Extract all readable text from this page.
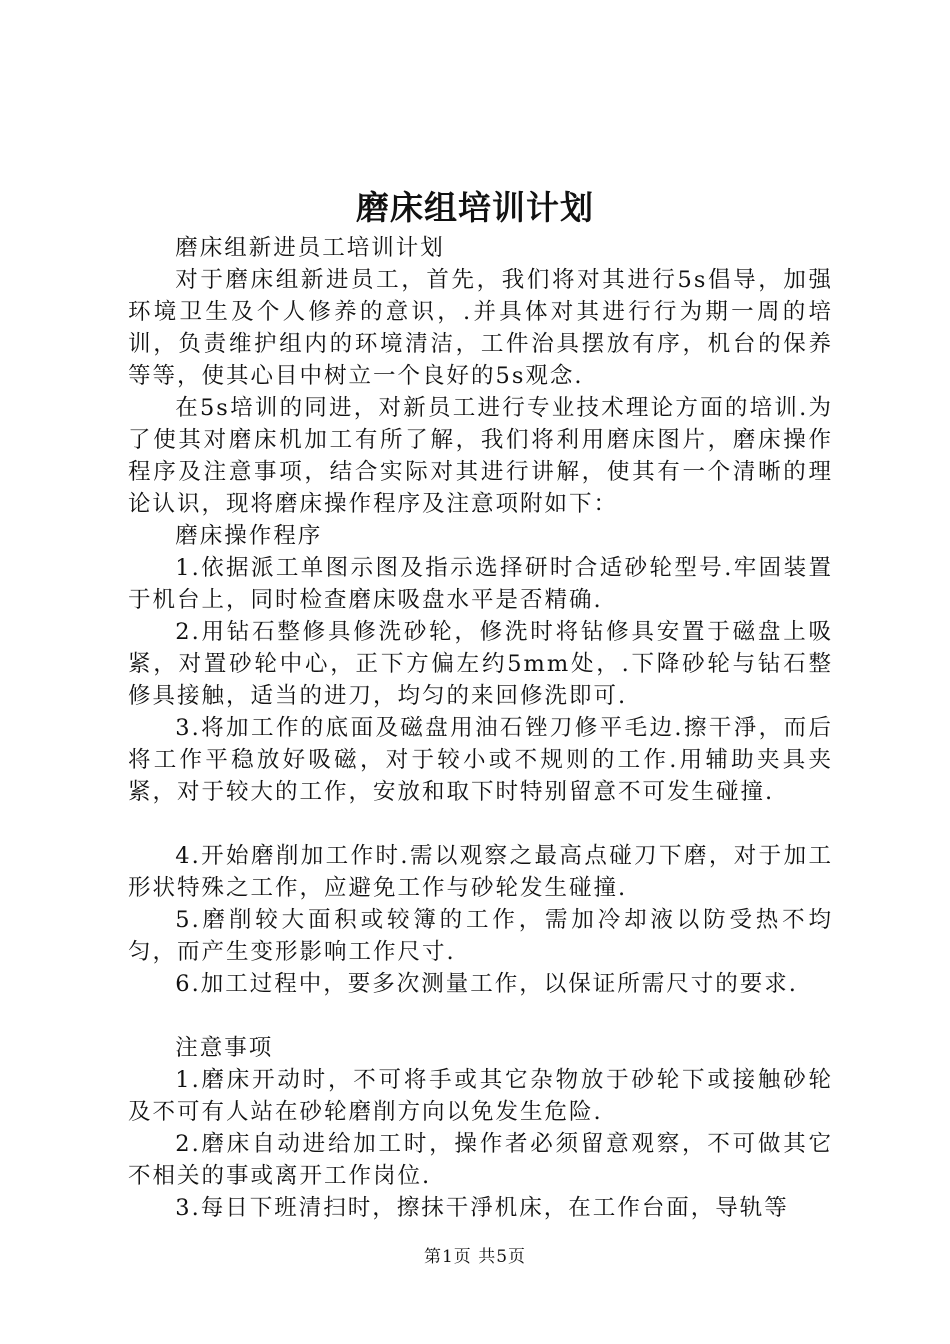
磨床组培训计划

磨床组新进员工培训计划

对于磨床组新进员工，首先，我们将对其进行5s倡导，加强环境卫生及个人修养的意识，.并具体对其进行行为期一周的培训，负责维护组内的环境清洁，工件治具摆放有序，机台的保养等等，使其心目中树立一个良好的5s观念.

在5s培训的同进，对新员工进行专业技术理论方面的培训.为了使其对磨床机加工有所了解，我们将利用磨床图片，磨床操作程序及注意事项，结合实际对其进行讲解，使其有一个清晰的理论认识，现将磨床操作程序及注意项附如下：

磨床操作程序

1.依据派工单图示图及指示选择研时合适砂轮型号.牢固装置于机台上，同时检查磨床吸盘水平是否精确.

2.用钻石整修具修洗砂轮，修洗时将钻修具安置于磁盘上吸紧，对置砂轮中心，正下方偏左约5mm处，.下降砂轮与钻石整修具接触，适当的进刀，均匀的来回修洗即可.

3.将加工作的底面及磁盘用油石锉刀修平毛边.擦干淨，而后将工作平稳放好吸磁，对于较小或不规则的工作.用辅助夹具夹紧，对于较大的工作，安放和取下时特别留意不可发生碰撞.

4.开始磨削加工作时.需以观察之最高点碰刀下磨，对于加工形状特殊之工作，应避免工作与砂轮发生碰撞.

5.磨削较大面积或较簿的工作，需加冷却液以防受热不均匀，而产生变形影响工作尺寸.

6.加工过程中，要多次测量工作，以保证所需尺寸的要求.

注意事项

1.磨床开动时，不可将手或其它杂物放于砂轮下或接触砂轮及不可有人站在砂轮磨削方向以免发生危险.

2.磨床自动进给加工时，操作者必须留意观察，不可做其它不相关的事或离开工作岗位.

3.每日下班清扫时，擦抹干淨机床，在工作台面，导轨等

第1页 共5页
